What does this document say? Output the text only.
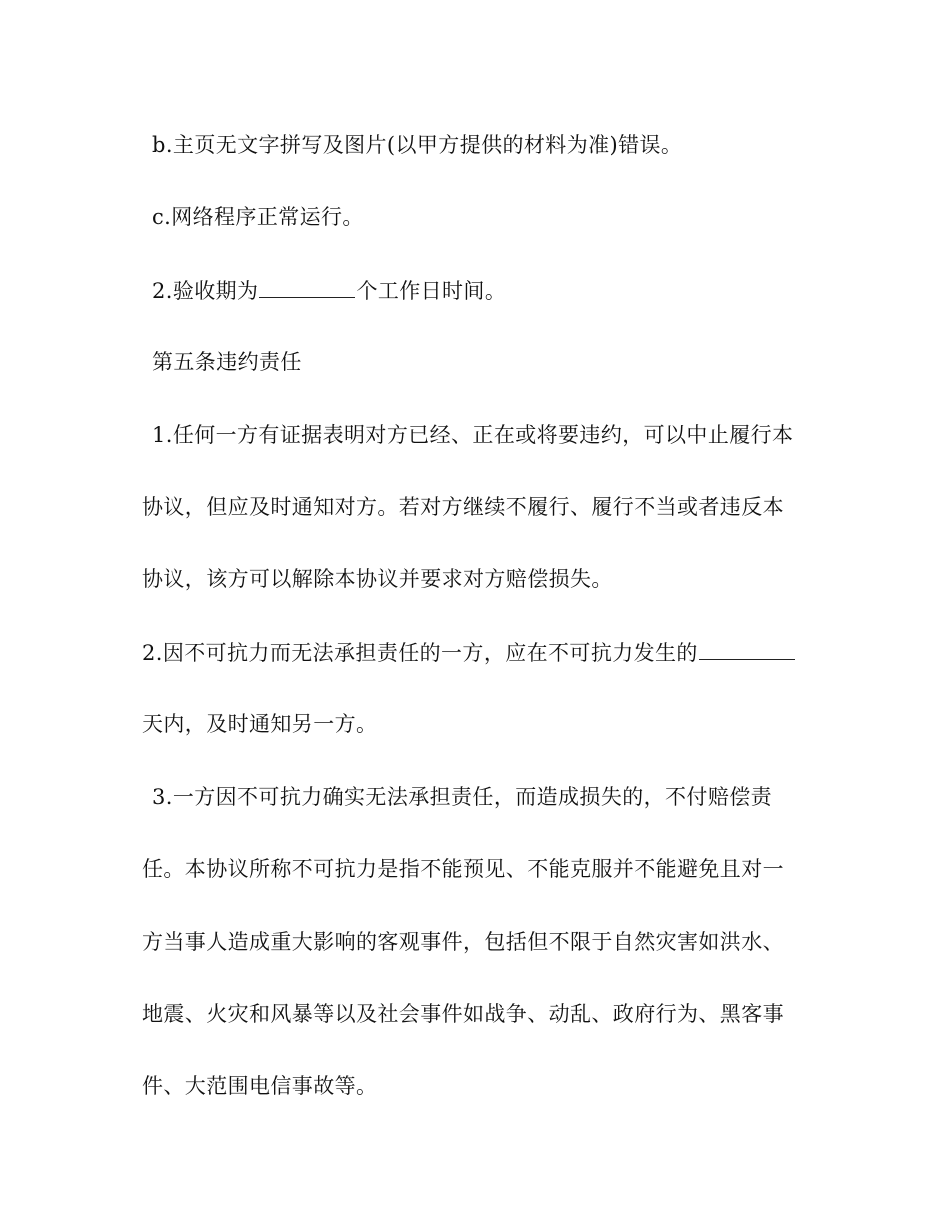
b.主页无文字拼写及图片(以甲方提供的材料为准)错误。
c.网络程序正常运行。
2.验收期为	个工作日时间。
第五条违约责任
1.任何一方有证据表明对方已经、正在或将要违约，可以中止履行本
协议，但应及时通知对方。若对方继续不履行、履行不当或者违反本
协议，该方可以解除本协议并要求对方赔偿损失。
2.因不可抗力而无法承担责任的一方，应在不可抗力发生的
天内，及时通知另一方。
3.一方因不可抗力确实无法承担责任，而造成损失的，不付赔偿责
任。本协议所称不可抗力是指不能预见、不能克服并不能避免且对一
方当事人造成重大影响的客观事件，包括但不限于自然灾害如洪水、
地震、火灾和风暴等以及社会事件如战争、动乱、政府行为、黑客事
件、大范围电信事故等。
